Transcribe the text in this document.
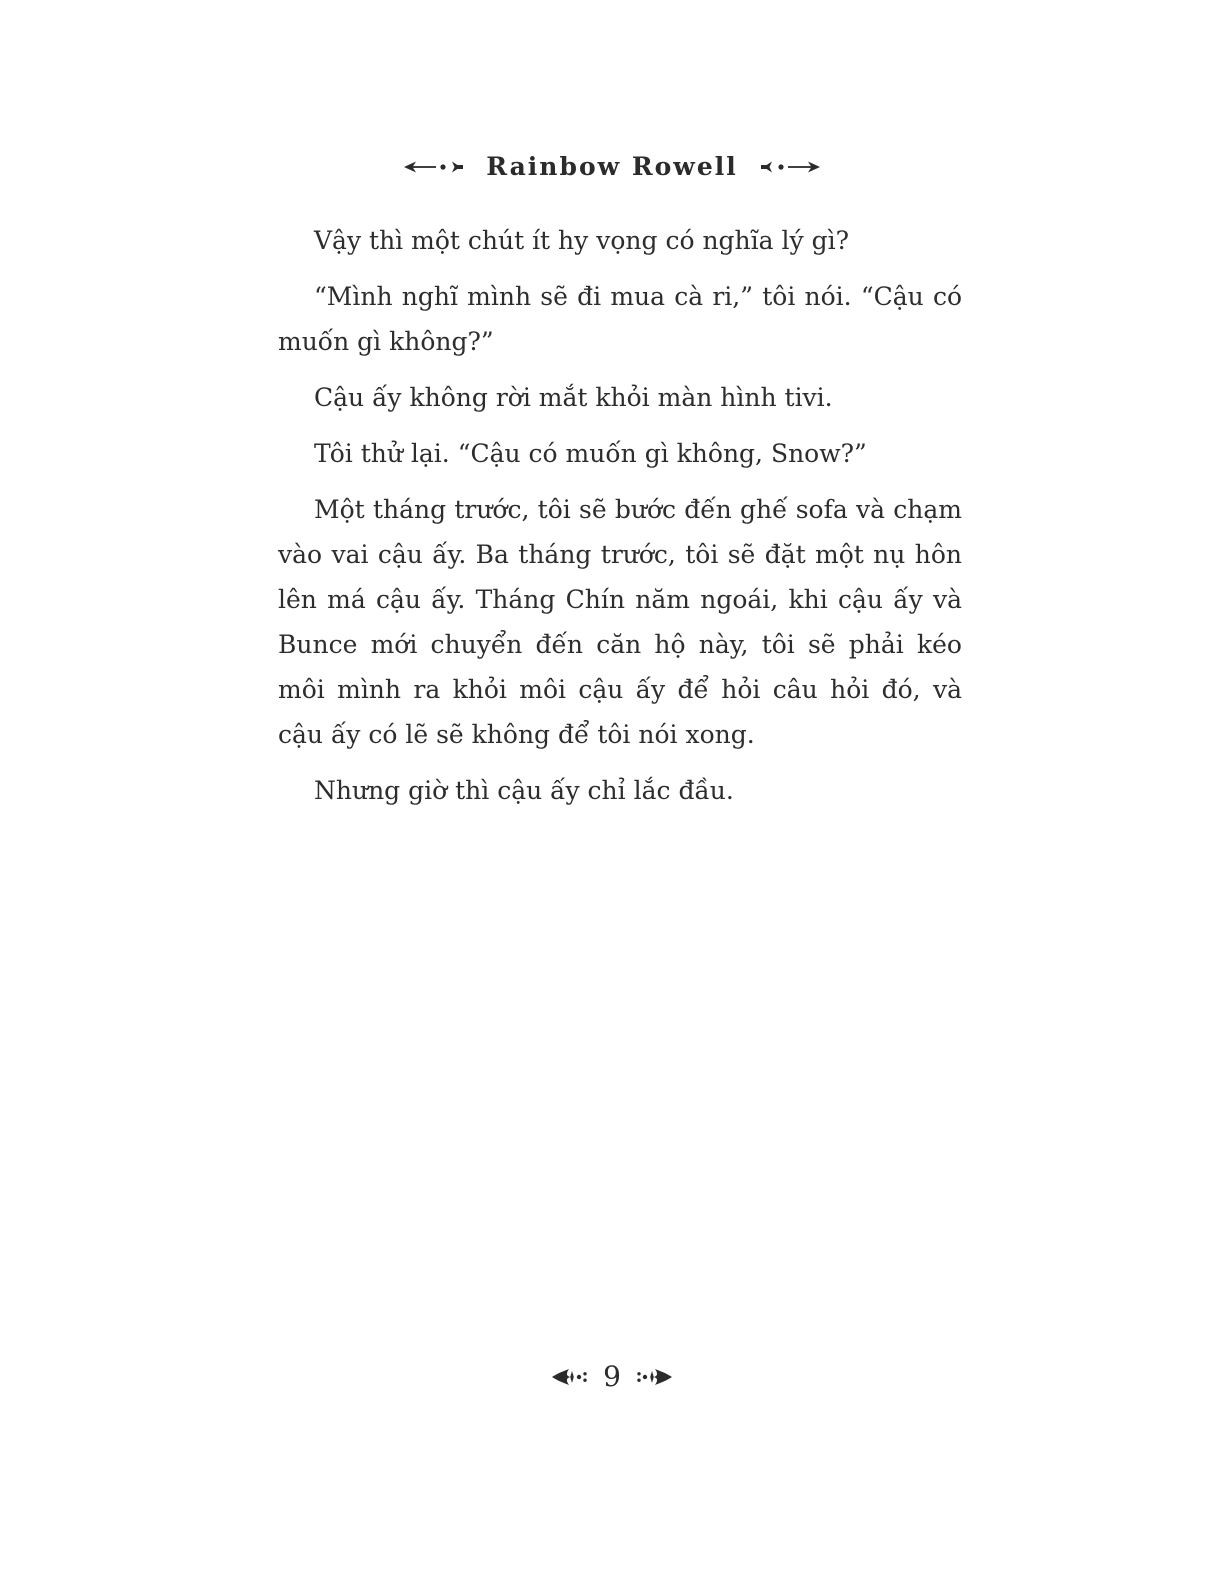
Rainbow Rowell

Vậy thì một chút ít hy vọng có nghĩa lý gì?

“Mình nghĩ mình sẽ đi mua cà ri,” tôi nói. “Cậu có muốn gì không?”

Cậu ấy không rời mắt khỏi màn hình tivi.

Tôi thử lại. “Cậu có muốn gì không, Snow?”

Một tháng trước, tôi sẽ bước đến ghế sofa và chạm vào vai cậu ấy. Ba tháng trước, tôi sẽ đặt một nụ hôn lên má cậu ấy. Tháng Chín năm ngoái, khi cậu ấy và Bunce mới chuyển đến căn hộ này, tôi sẽ phải kéo môi mình ra khỏi môi cậu ấy để hỏi câu hỏi đó, và cậu ấy có lẽ sẽ không để tôi nói xong.

Nhưng giờ thì cậu ấy chỉ lắc đầu.

9
